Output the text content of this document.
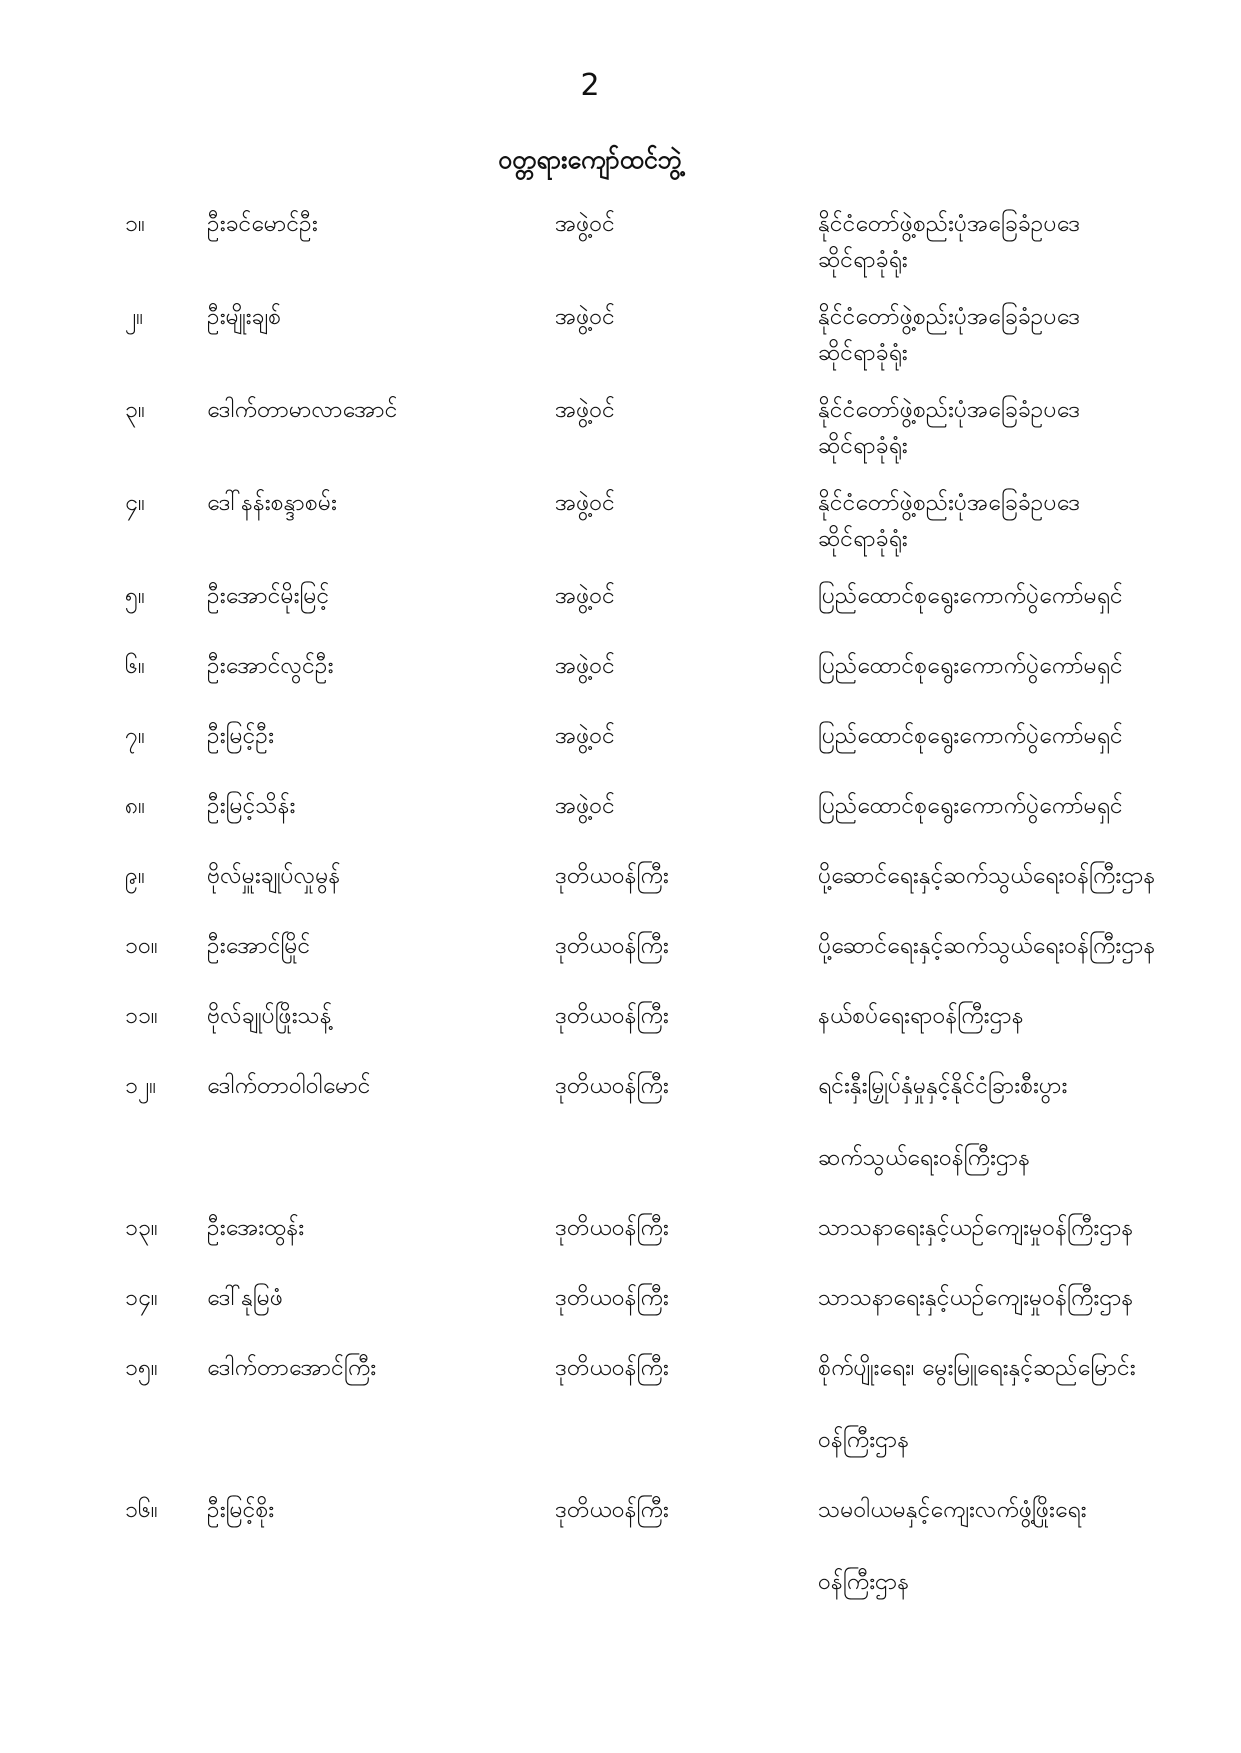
2
ဝတ္တရားကျော်ထင်ဘွဲ့
၁။	ဦးခင်မောင်ဦး	အဖွဲ့ဝင်	နိုင်ငံတော်ဖွဲ့စည်းပုံအခြေခံဥပဒေ
ဆိုင်ရာခုံရုံး
၂။	ဦးမျိုးချစ်	အဖွဲ့ဝင်	နိုင်ငံတော်ဖွဲ့စည်းပုံအခြေခံဥပဒေ
ဆိုင်ရာခုံရုံး
၃။	ဒေါက်တာမာလာအောင်	အဖွဲ့ဝင်	နိုင်ငံတော်ဖွဲ့စည်းပုံအခြေခံဥပဒေ
ဆိုင်ရာခုံရုံး
၄။	ဒေါ်နန်းစန္ဒာစမ်း	အဖွဲ့ဝင်	နိုင်ငံတော်ဖွဲ့စည်းပုံအခြေခံဥပဒေ
ဆိုင်ရာခုံရုံး
၅။	ဦးအောင်မိုးမြင့်	အဖွဲ့ဝင်	ပြည်ထောင်စုရွေးကောက်ပွဲကော်မရှင်
၆။	ဦးအောင်လွင်ဦး	အဖွဲ့ဝင်	ပြည်ထောင်စုရွေးကောက်ပွဲကော်မရှင်
၇။	ဦးမြင့်ဦး	အဖွဲ့ဝင်	ပြည်ထောင်စုရွေးကောက်ပွဲကော်မရှင်
၈။	ဦးမြင့်သိန်း	အဖွဲ့ဝင်	ပြည်ထောင်စုရွေးကောက်ပွဲကော်မရှင်
၉။	ဗိုလ်မှူးချုပ်လှုမွန်	ဒုတိယဝန်ကြီး	ပို့ဆောင်ရေးနှင့်ဆက်သွယ်ရေးဝန်ကြီးဌာန
၁၀။ ဦးအောင်မြိုင်	ဒုတိယဝန်ကြီး	ပို့ဆောင်ရေးနှင့်ဆက်သွယ်ရေးဝန်ကြီးဌာန
၁၁။ ဗိုလ်ချုပ်ဖြိုးသန့်	ဒုတိယဝန်ကြီး	နယ်စပ်ရေးရာဝန်ကြီးဌာန
၁၂။ ဒေါက်တာဝါဝါမောင်	ဒုတိယဝန်ကြီး	ရင်းနှီးမြှုပ်နှံမှုနှင့်နိုင်ငံခြားစီးပွား
ဆက်သွယ်ရေးဝန်ကြီးဌာန
၁၃။ ဦးအေးထွန်း	ဒုတိယဝန်ကြီး	သာသနာရေးနှင့်ယဉ်ကျေးမှုဝန်ကြီးဌာန
၁၄။ ဒေါ်နုမြဖံ	ဒုတိယဝန်ကြီး	သာသနာရေးနှင့်ယဉ်ကျေးမှုဝန်ကြီးဌာန
၁၅။ ဒေါက်တာအောင်ကြီး	ဒုတိယဝန်ကြီး	စိုက်ပျိုးရေး၊ မွေးမြူရေးနှင့်ဆည်မြောင်း
ဝန်ကြီးဌာန
၁၆။ ဦးမြင့်စိုး	ဒုတိယဝန်ကြီး	သမဝါယမနှင့်ကျေးလက်ဖွံ့ဖြိုးရေး
ဝန်ကြီးဌာန
